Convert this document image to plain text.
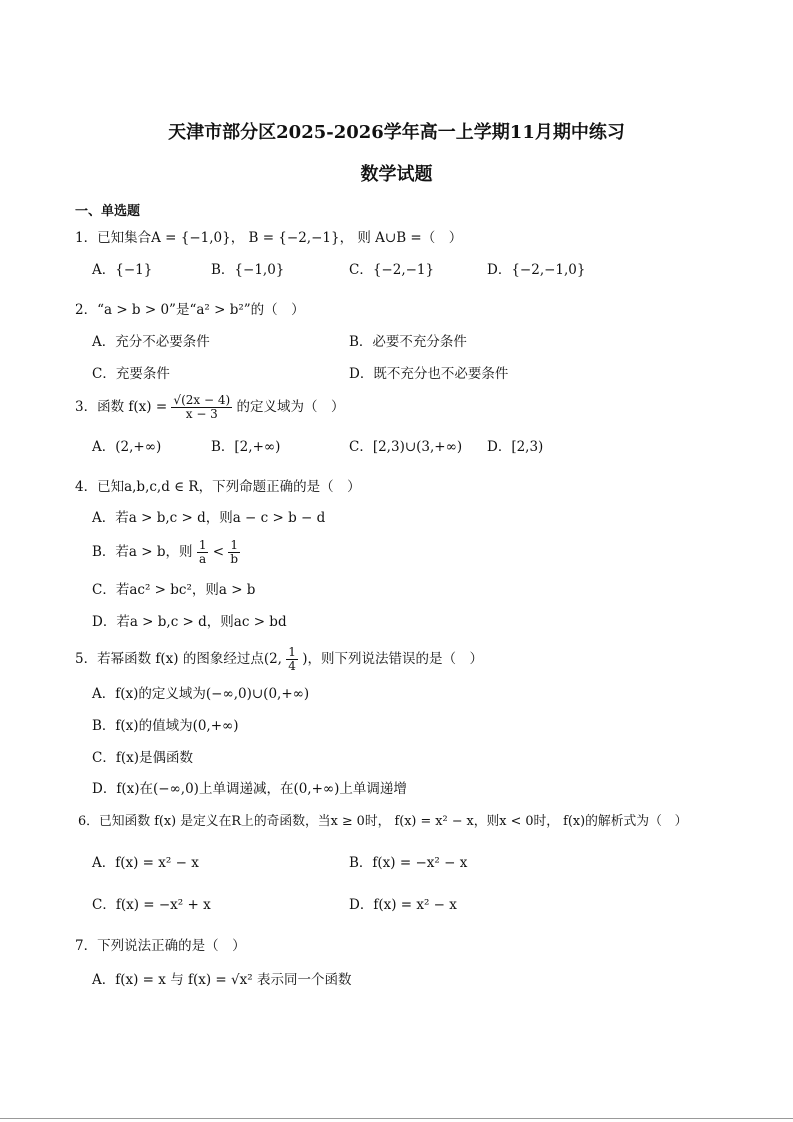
天津市部分区2025-2026学年高一上学期11月期中练习
数学试题
一、单选题
1．已知集合A = {−1,0}， B = {−2,−1}， 则 A∪B =（　）
A．{−1}	B．{−1,0}	C．{−2,−1}	D．{−2,−1,0}
2．“a > b > 0”是“a² > b²”的（　）
A．充分不必要条件	B．必要不充分条件
C．充要条件	D．既不充分也不必要条件
3．函数 $f(x) = \frac{√(2x - 4)}{x - 3}$ 的定义域为（　）
A．(2,+∞)	B．[2,+∞)	C．[2,3)∪(3,+∞) D．[2,3)
4．已知a,b,c,d ∈ R，下列命题正确的是（　）
A．若a > b,c > d，则a − c > b − d
B．若a > b，则 $\frac{1}{a} < \frac{1}{b}$
C．若ac² > bc²，则a > b
D．若a > b,c > d，则ac > bd
5．若幂函数 f(x) 的图象经过点(2, $\frac{1}{4}$ )，则下列说法错误的是（　）
A．f(x)的定义域为(−∞,0)∪(0,+∞)
B．f(x)的值域为(0,+∞)
C．f(x)是偶函数
D．f(x)在(−∞,0)上单调递减，在(0,+∞)上单调递增
6．已知函数 f(x) 是定义在R上的奇函数，当x ≥ 0时， f(x) = x² − x，则x < 0时， f(x)的解析式为（　）
A．f(x) = x² − x	B．f(x) = −x² − x
C．f(x) = −x² + x	D．f(x) = x² − x
7．下列说法正确的是（　）
A．f(x) = x 与 f(x) = √x² 表示同一个函数
